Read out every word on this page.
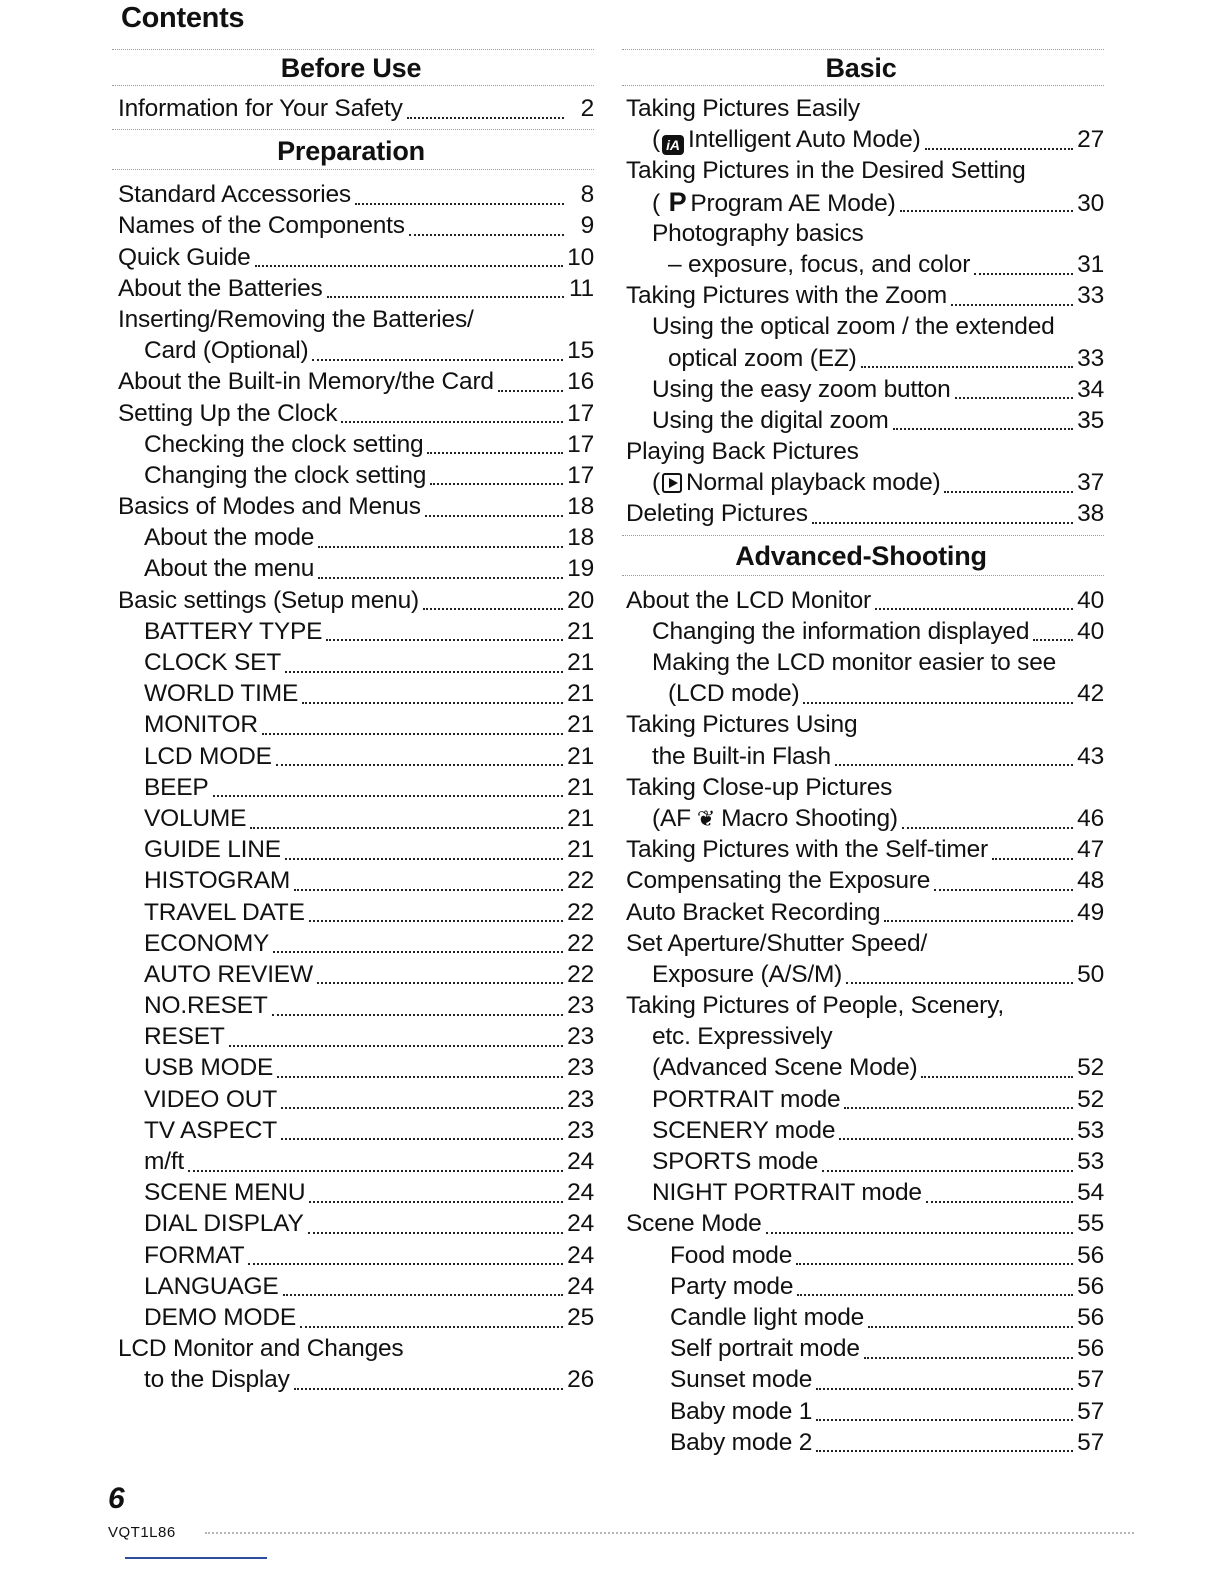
Contents
Before Use
Information for Your Safety	2
Preparation
Standard Accessories	8
Names of the Components	9
Quick Guide	10
About the Batteries	11
Inserting/Removing the Batteries/
Card (Optional)	15
About the Built-in Memory/the Card	16
Setting Up the Clock	17
Checking the clock setting	17
Changing the clock setting	17
Basics of Modes and Menus	18
About the mode	18
About the menu	19
Basic settings (Setup menu)	20
BATTERY TYPE	21
CLOCK SET	21
WORLD TIME	21
MONITOR	21
LCD MODE	21
BEEP	21
VOLUME	21
GUIDE LINE	21
HISTOGRAM	22
TRAVEL DATE	22
ECONOMY	22
AUTO REVIEW	22
NO.RESET	23
RESET	23
USB MODE	23
VIDEO OUT	23
TV ASPECT	23
m/ft	24
SCENE MENU	24
DIAL DISPLAY	24
FORMAT	24
LANGUAGE	24
DEMO MODE	25
LCD Monitor and Changes
to the Display	26
Basic
Taking Pictures Easily
( iA Intelligent Auto Mode)	27
Taking Pictures in the Desired Setting
( P Program AE Mode)	30
Photography basics
– exposure, focus, and color	31
Taking Pictures with the Zoom	33
Using the optical zoom / the extended
optical zoom (EZ)	33
Using the easy zoom button	34
Using the digital zoom	35
Playing Back Pictures
( Normal playback mode)	37
Deleting Pictures	38
Advanced-Shooting
About the LCD Monitor	40
Changing the information displayed 40
Making the LCD monitor easier to see
(LCD mode)	42
Taking Pictures Using
the Built-in Flash	43
Taking Close-up Pictures
(AF ❦ Macro Shooting)	46
Taking Pictures with the Self-timer	47
Compensating the Exposure	48
Auto Bracket Recording	49
Set Aperture/Shutter Speed/
Exposure (A/S/M)	50
Taking Pictures of People, Scenery,
etc. Expressively
(Advanced Scene Mode)	52
PORTRAIT mode	52
SCENERY mode	53
SPORTS mode	53
NIGHT PORTRAIT mode	54
Scene Mode	55
Food mode	56
Party mode	56
Candle light mode	56
Self portrait mode	56
Sunset mode	57
Baby mode 1	57
Baby mode 2	57
6
VQT1L86
